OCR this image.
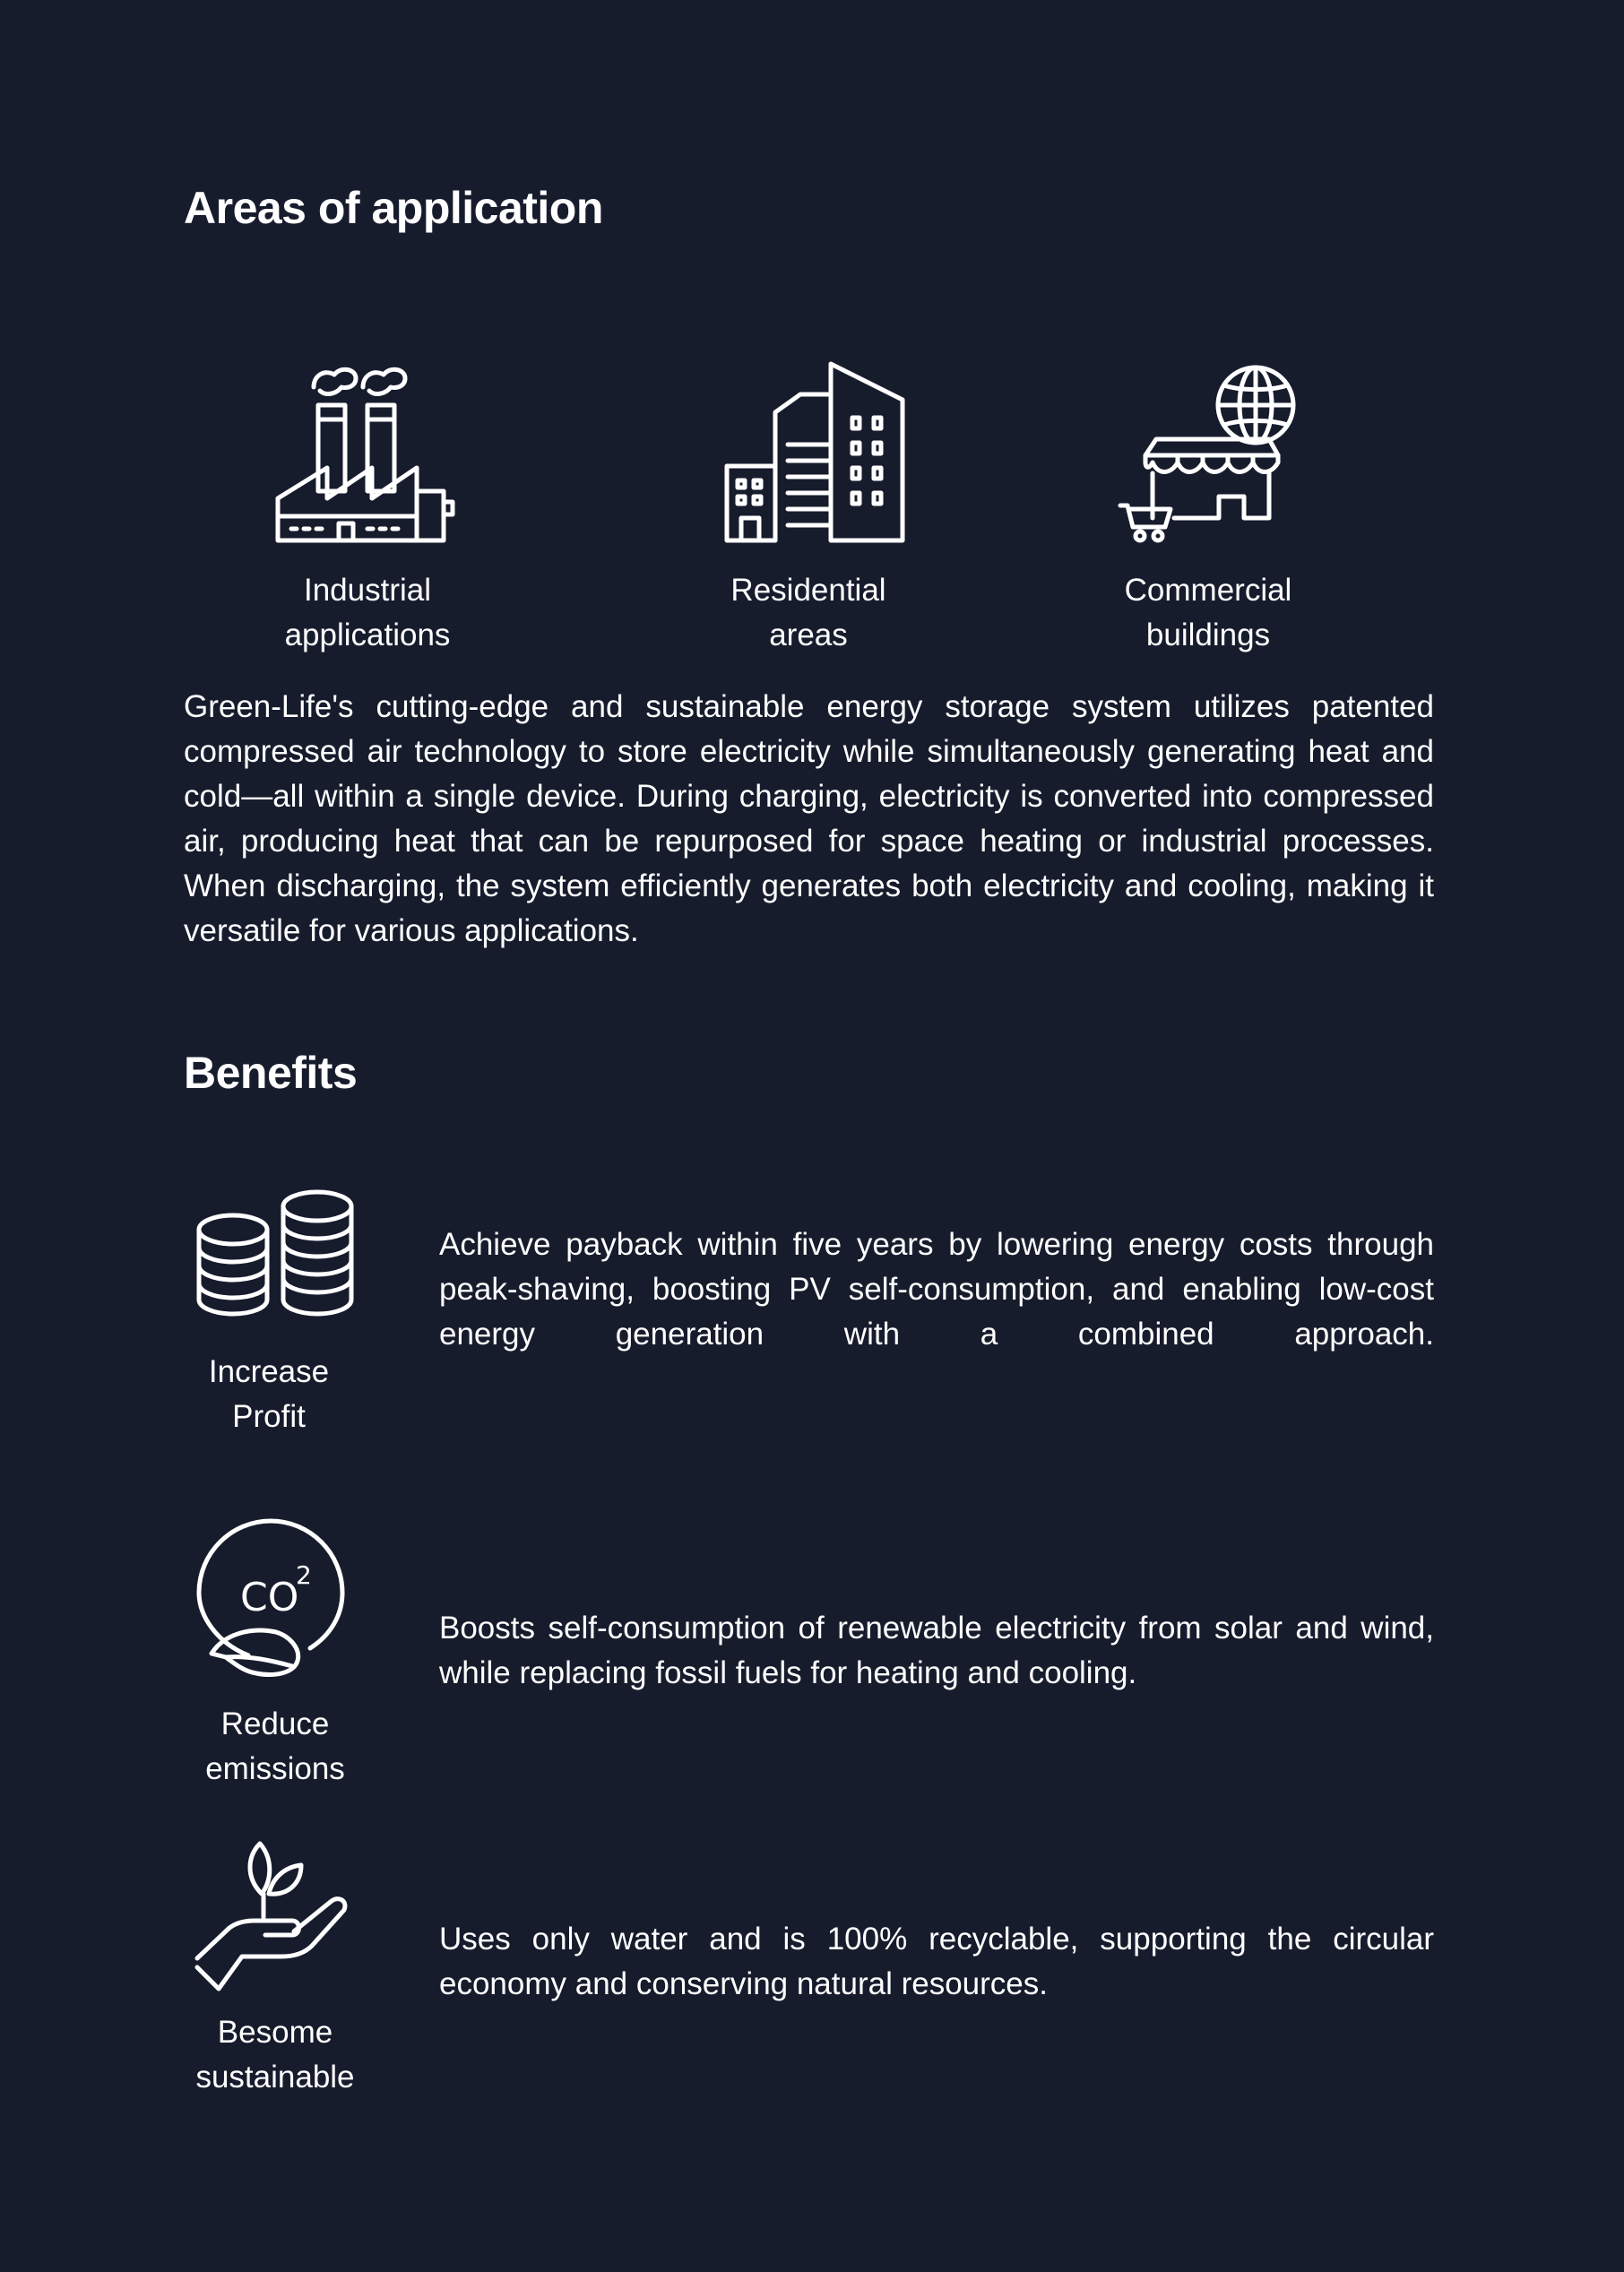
Areas of application
Industrial
applications
Residential
areas
Commercial
buildings
Green-Life's cutting-edge and sustainable energy storage system utilizes patented compressed air technology to store electricity while simultaneously generating heat and cold—all within a single device. During charging, electricity is converted into compressed air, producing heat that can be repurposed for space heating or industrial processes. When discharging, the system efficiently generates both electricity and cooling, making it versatile for various applications.
Benefits
Increase
Profit
Achieve payback within five years by lowering energy costs through peak-shaving, boosting PV self-consumption, and enabling low-cost energy generation with a combined approach.
CO
2
Reduce
emissions
Boosts self-consumption of renewable electricity from solar and wind, while replacing fossil fuels for heating and cooling.
Besome
sustainable
Uses only water and is 100% recyclable, supporting the circular economy and conserving natural resources.
